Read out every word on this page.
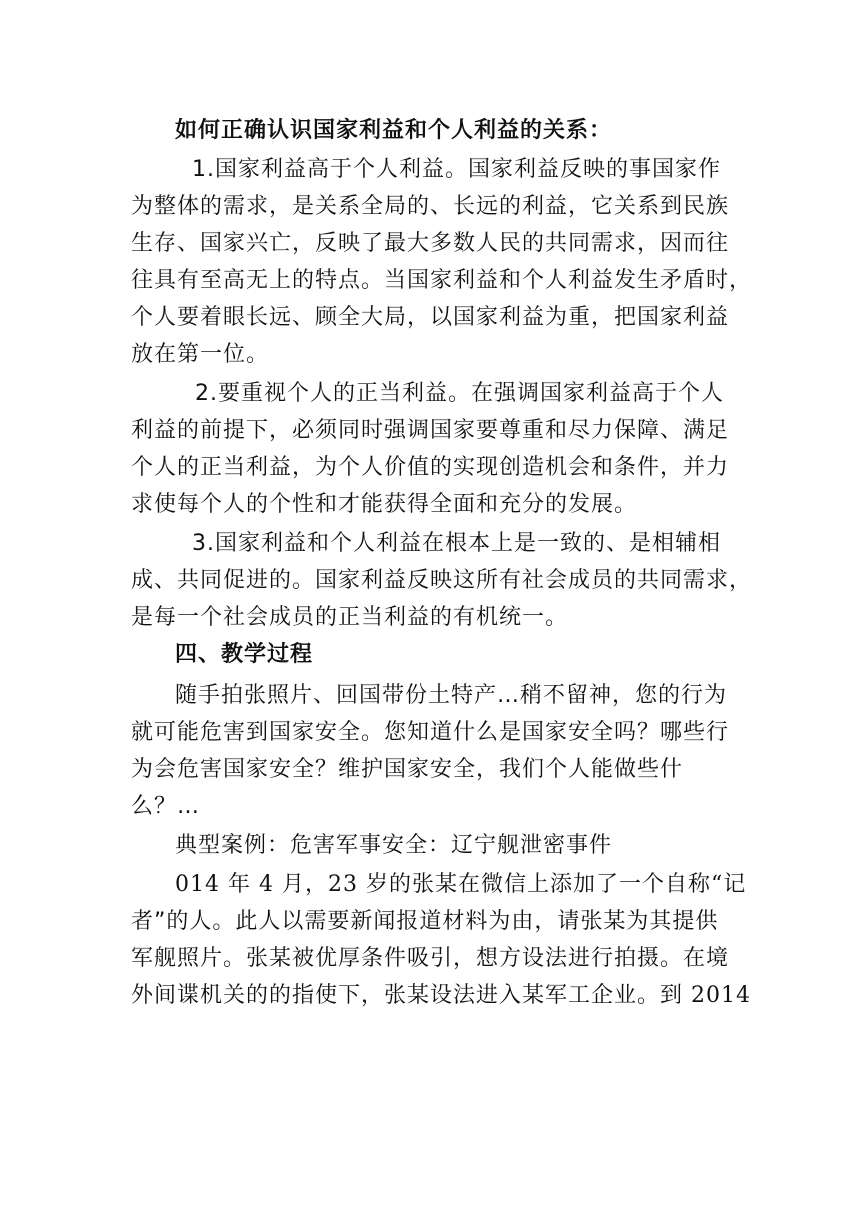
如何正确认识国家利益和个人利益的关系：
1.国家利益高于个人利益。国家利益反映的事国家作
为整体的需求，是关系全局的、长远的利益，它关系到民族
生存、国家兴亡，反映了最大多数人民的共同需求，因而往
往具有至高无上的特点。当国家利益和个人利益发生矛盾时，
个人要着眼长远、顾全大局，以国家利益为重，把国家利益
放在第一位。
2.要重视个人的正当利益。在强调国家利益高于个人
利益的前提下，必须同时强调国家要尊重和尽力保障、满足
个人的正当利益，为个人价值的实现创造机会和条件，并力
求使每个人的个性和才能获得全面和充分的发展。
3.国家利益和个人利益在根本上是一致的、是相辅相
成、共同促进的。国家利益反映这所有社会成员的共同需求，
是每一个社会成员的正当利益的有机统一。
四、教学过程
随手拍张照片、回国带份土特产…稍不留神，您的行为
就可能危害到国家安全。您知道什么是国家安全吗？哪些行
为会危害国家安全？维护国家安全，我们个人能做些什
么？…
典型案例：危害军事安全：辽宁舰泄密事件
014 年 4 月，23 岁的张某在微信上添加了一个自称“记
者”的人。此人以需要新闻报道材料为由，请张某为其提供
军舰照片。张某被优厚条件吸引，想方设法进行拍摄。在境
外间谍机关的的指使下，张某设法进入某军工企业。到 2014
